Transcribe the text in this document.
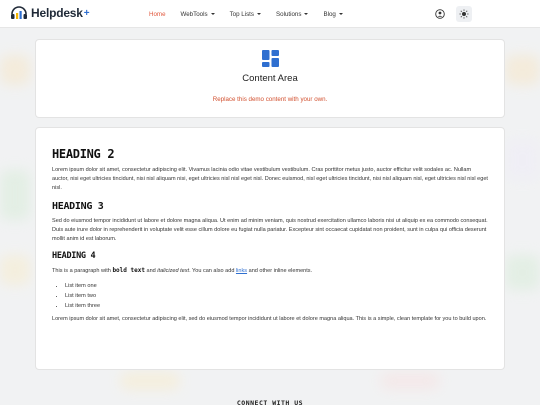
Helpdesk +	Home WebTools	Top Lists	Solutions	Blog
Content Area
Replace this demo content with your own.
HEADING 2

Lorem ipsum dolor sit amet, consectetur adipiscing elit. Vivamus lacinia odio vitae vestibulum vestibulum. Cras porttitor metus justo, auctor efficitur velit sodales ac. Nullam auctor, nisi eget ultricies tincidunt, nisi nisl aliquam nisi, eget ultricies nisl nisl eget nisl. Donec euismod, nisl eget ultricies tincidunt, nisi nisl aliquam nisl, eget ultricies nisl nisl eget nisl.

HEADING 3

Sed do eiusmod tempor incididunt ut labore et dolore magna aliqua. Ut enim ad minim veniam, quis nostrud exercitation ullamco laboris nisi ut aliquip ex ea commodo consequat. Duis aute irure dolor in reprehenderit in voluptate velit esse cillum dolore eu fugiat nulla pariatur. Excepteur sint occaecat cupidatat non proident, sunt in culpa qui officia deserunt mollit anim id est laborum.

HEADING 4

This is a paragraph with bold text and italicized text. You can also add links and other inline elements.

• List item one
• List item two
• List item three

Lorem ipsum dolor sit amet, consectetur adipiscing elit, sed do eiusmod tempor incididunt ut labore et dolore magna aliqua. This is a simple, clean template for you to build upon.

CONNECT WITH US
